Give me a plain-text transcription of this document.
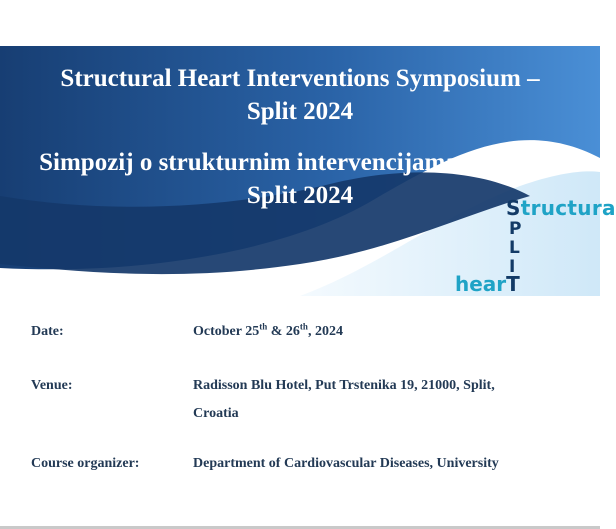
Structural Heart Interventions Symposium –
Split 2024
Simpozij o strukturnim intervencijama na srcu –
Split 2024	Structura
P
L
I
hearT
Date:	October 25th & 26th, 2024
Venue:	Radisson Blu Hotel, Put Trstenika 19, 21000, Split,
Croatia
Course organizer:	Department of Cardiovascular Diseases, University
